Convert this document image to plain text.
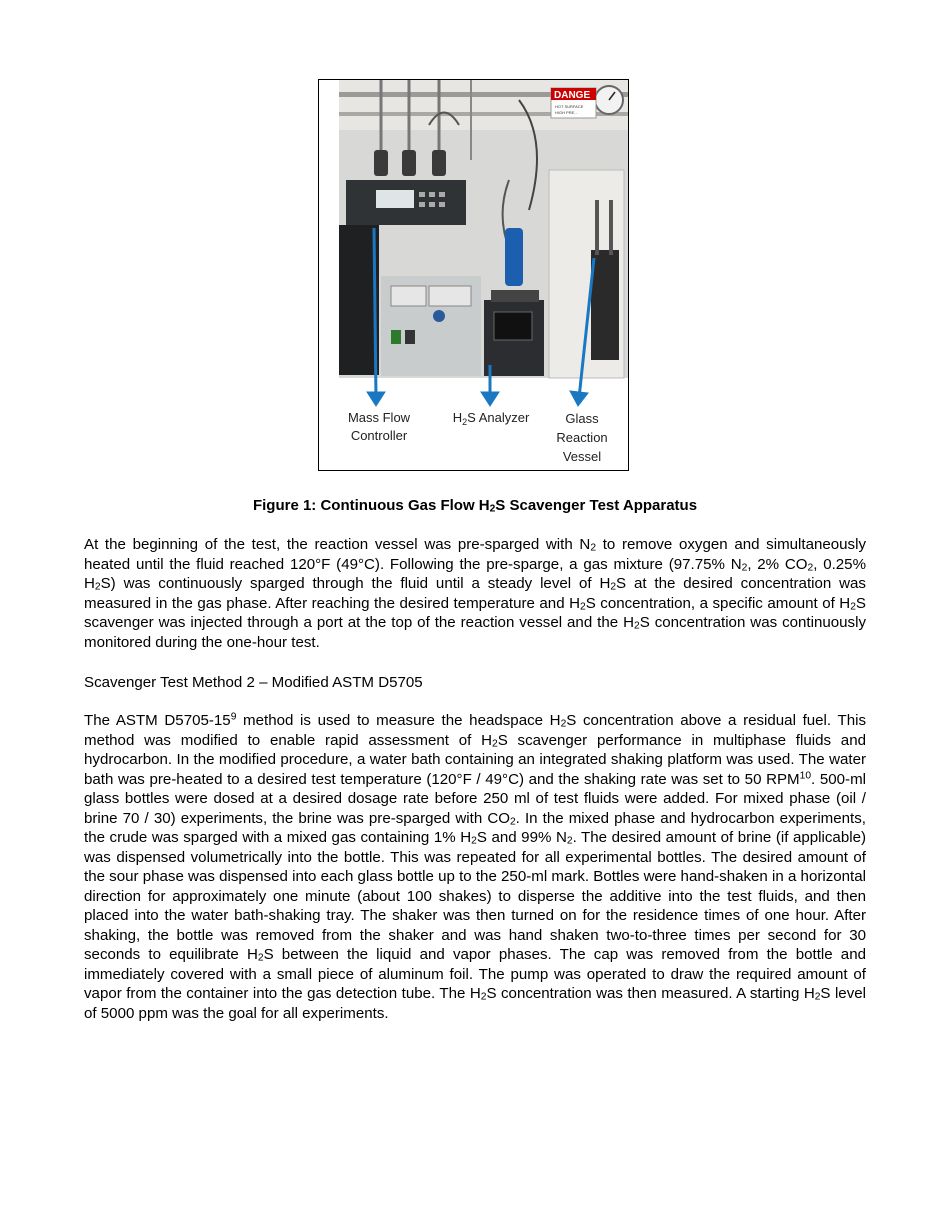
DANGE
HOT SURFACE
HIGH PRE...
Mass Flow
Controller
$H_2S$ Analyzer	Glass
Reaction
Vessel
Figure 1: Continuous Gas Flow $H_2S$ Scavenger Test Apparatus

At the beginning of the test, the reaction vessel was pre-sparged with $N_2$ to remove oxygen and simultaneously heated until the fluid reached 120°F (49°C). Following the pre-sparge, a gas mixture (97.75% $N_2$, 2% $CO_2$, 0.25% $H_2S$) was continuously sparged through the fluid until a steady level of $H_2S$ at the desired concentration was measured in the gas phase. After reaching the desired temperature and $H_2S$ concentration, a specific amount of $H_2S$ scavenger was injected through a port at the top of the reaction vessel and the $H_2S$ concentration was continuously monitored during the one-hour test.

Scavenger Test Method 2 – Modified ASTM D5705

The ASTM $D5705-15^9$ method is used to measure the headspace $H_2S$ concentration above a residual fuel. This method was modified to enable rapid assessment of $H_2S$ scavenger performance in multiphase fluids and hydrocarbon. In the modified procedure, a water bath containing an integrated shaking platform was used. The water bath was pre-heated to a desired test temperature (120°F / 49°C) and the shaking rate was set to 50 RPM$^{10}$. 500-ml glass bottles were dosed at a desired dosage rate before 250 ml of test fluids were added. For mixed phase (oil / brine 70 / 30) experiments, the brine was pre-sparged with $CO_2$. In the mixed phase and hydrocarbon experiments, the crude was sparged with a mixed gas containing 1% $H_2S$ and 99% $N_2$. The desired amount of brine (if applicable) was dispensed volumetrically into the bottle. This was repeated for all experimental bottles. The desired amount of the sour phase was dispensed into each glass bottle up to the 250-ml mark. Bottles were hand-shaken in a horizontal direction for approximately one minute (about 100 shakes) to disperse the additive into the test fluids, and then placed into the water bath-shaking tray. The shaker was then turned on for the residence times of one hour. After shaking, the bottle was removed from the shaker and was hand shaken two-to-three times per second for 30 seconds to equilibrate $H_2S$ between the liquid and vapor phases. The cap was removed from the bottle and immediately covered with a small piece of aluminum foil. The pump was operated to draw the required amount of vapor from the container into the gas detection tube. The $H_2S$ concentration was then measured. A starting $H_2S$ level of 5000 ppm was the goal for all experiments.
